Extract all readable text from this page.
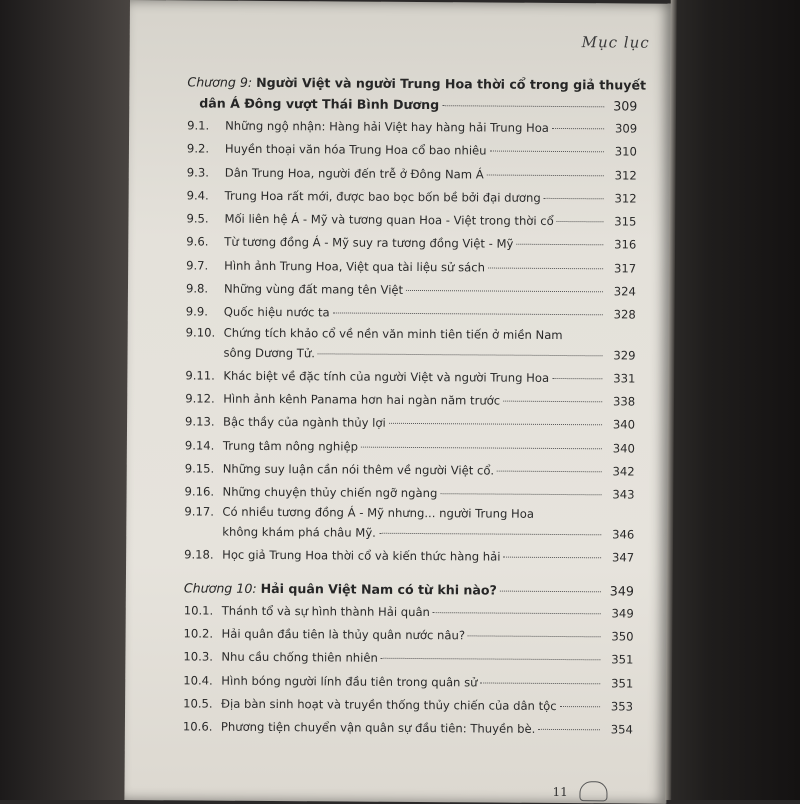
Mục lục
Chương 9: Người Việt và người Trung Hoa thời cổ trong giả thuyết
dân Á Đông vượt Thái Bình Dương	309
9.1.	Những ngộ nhận: Hàng hải Việt hay hàng hải Trung Hoa	309
9.2.	Huyền thoại văn hóa Trung Hoa cổ bao nhiêu	310
9.3.	Dân Trung Hoa, người đến trễ ở Đông Nam Á	312
9.4.	Trung Hoa rất mới, được bao bọc bốn bề bởi đại dương	312
9.5.	Mối liên hệ Á - Mỹ và tương quan Hoa - Việt trong thời cổ	315
9.6.	Từ tương đồng Á - Mỹ suy ra tương đồng Việt - Mỹ	316
9.7.	Hình ảnh Trung Hoa, Việt qua tài liệu sử sách	317
9.8.	Những vùng đất mang tên Việt	324
9.9.	Quốc hiệu nước ta	328
9.10. Chứng tích khảo cổ về nền văn minh tiên tiến ở miền Nam
sông Dương Tử.	329
9.11. Khác biệt về đặc tính của người Việt và người Trung Hoa	331
9.12. Hình ảnh kênh Panama hơn hai ngàn năm trước	338
9.13. Bậc thầy của ngành thủy lợi	340
9.14. Trung tâm nông nghiệp	340
9.15. Những suy luận cần nói thêm về người Việt cổ.	342
9.16. Những chuyện thủy chiến ngỡ ngàng	343
9.17. Có nhiều tương đồng Á - Mỹ nhưng... người Trung Hoa
không khám phá châu Mỹ.	346
9.18. Học giả Trung Hoa thời cổ và kiến thức hàng hải	347
Chương 10:
Hải quân Việt Nam có từ khi nào?	349
10.1. Thánh tổ và sự hình thành Hải quân	349
10.2. Hải quân đầu tiên là thủy quân nước nâu?	350
10.3. Nhu cầu chống thiên nhiên	351
10.4. Hình bóng người lính đầu tiên trong quân sử	351
10.5. Địa bàn sinh hoạt và truyền thống thủy chiến của dân tộc	353
10.6. Phương tiện chuyển vận quân sự đầu tiên: Thuyền bè.	354
11
